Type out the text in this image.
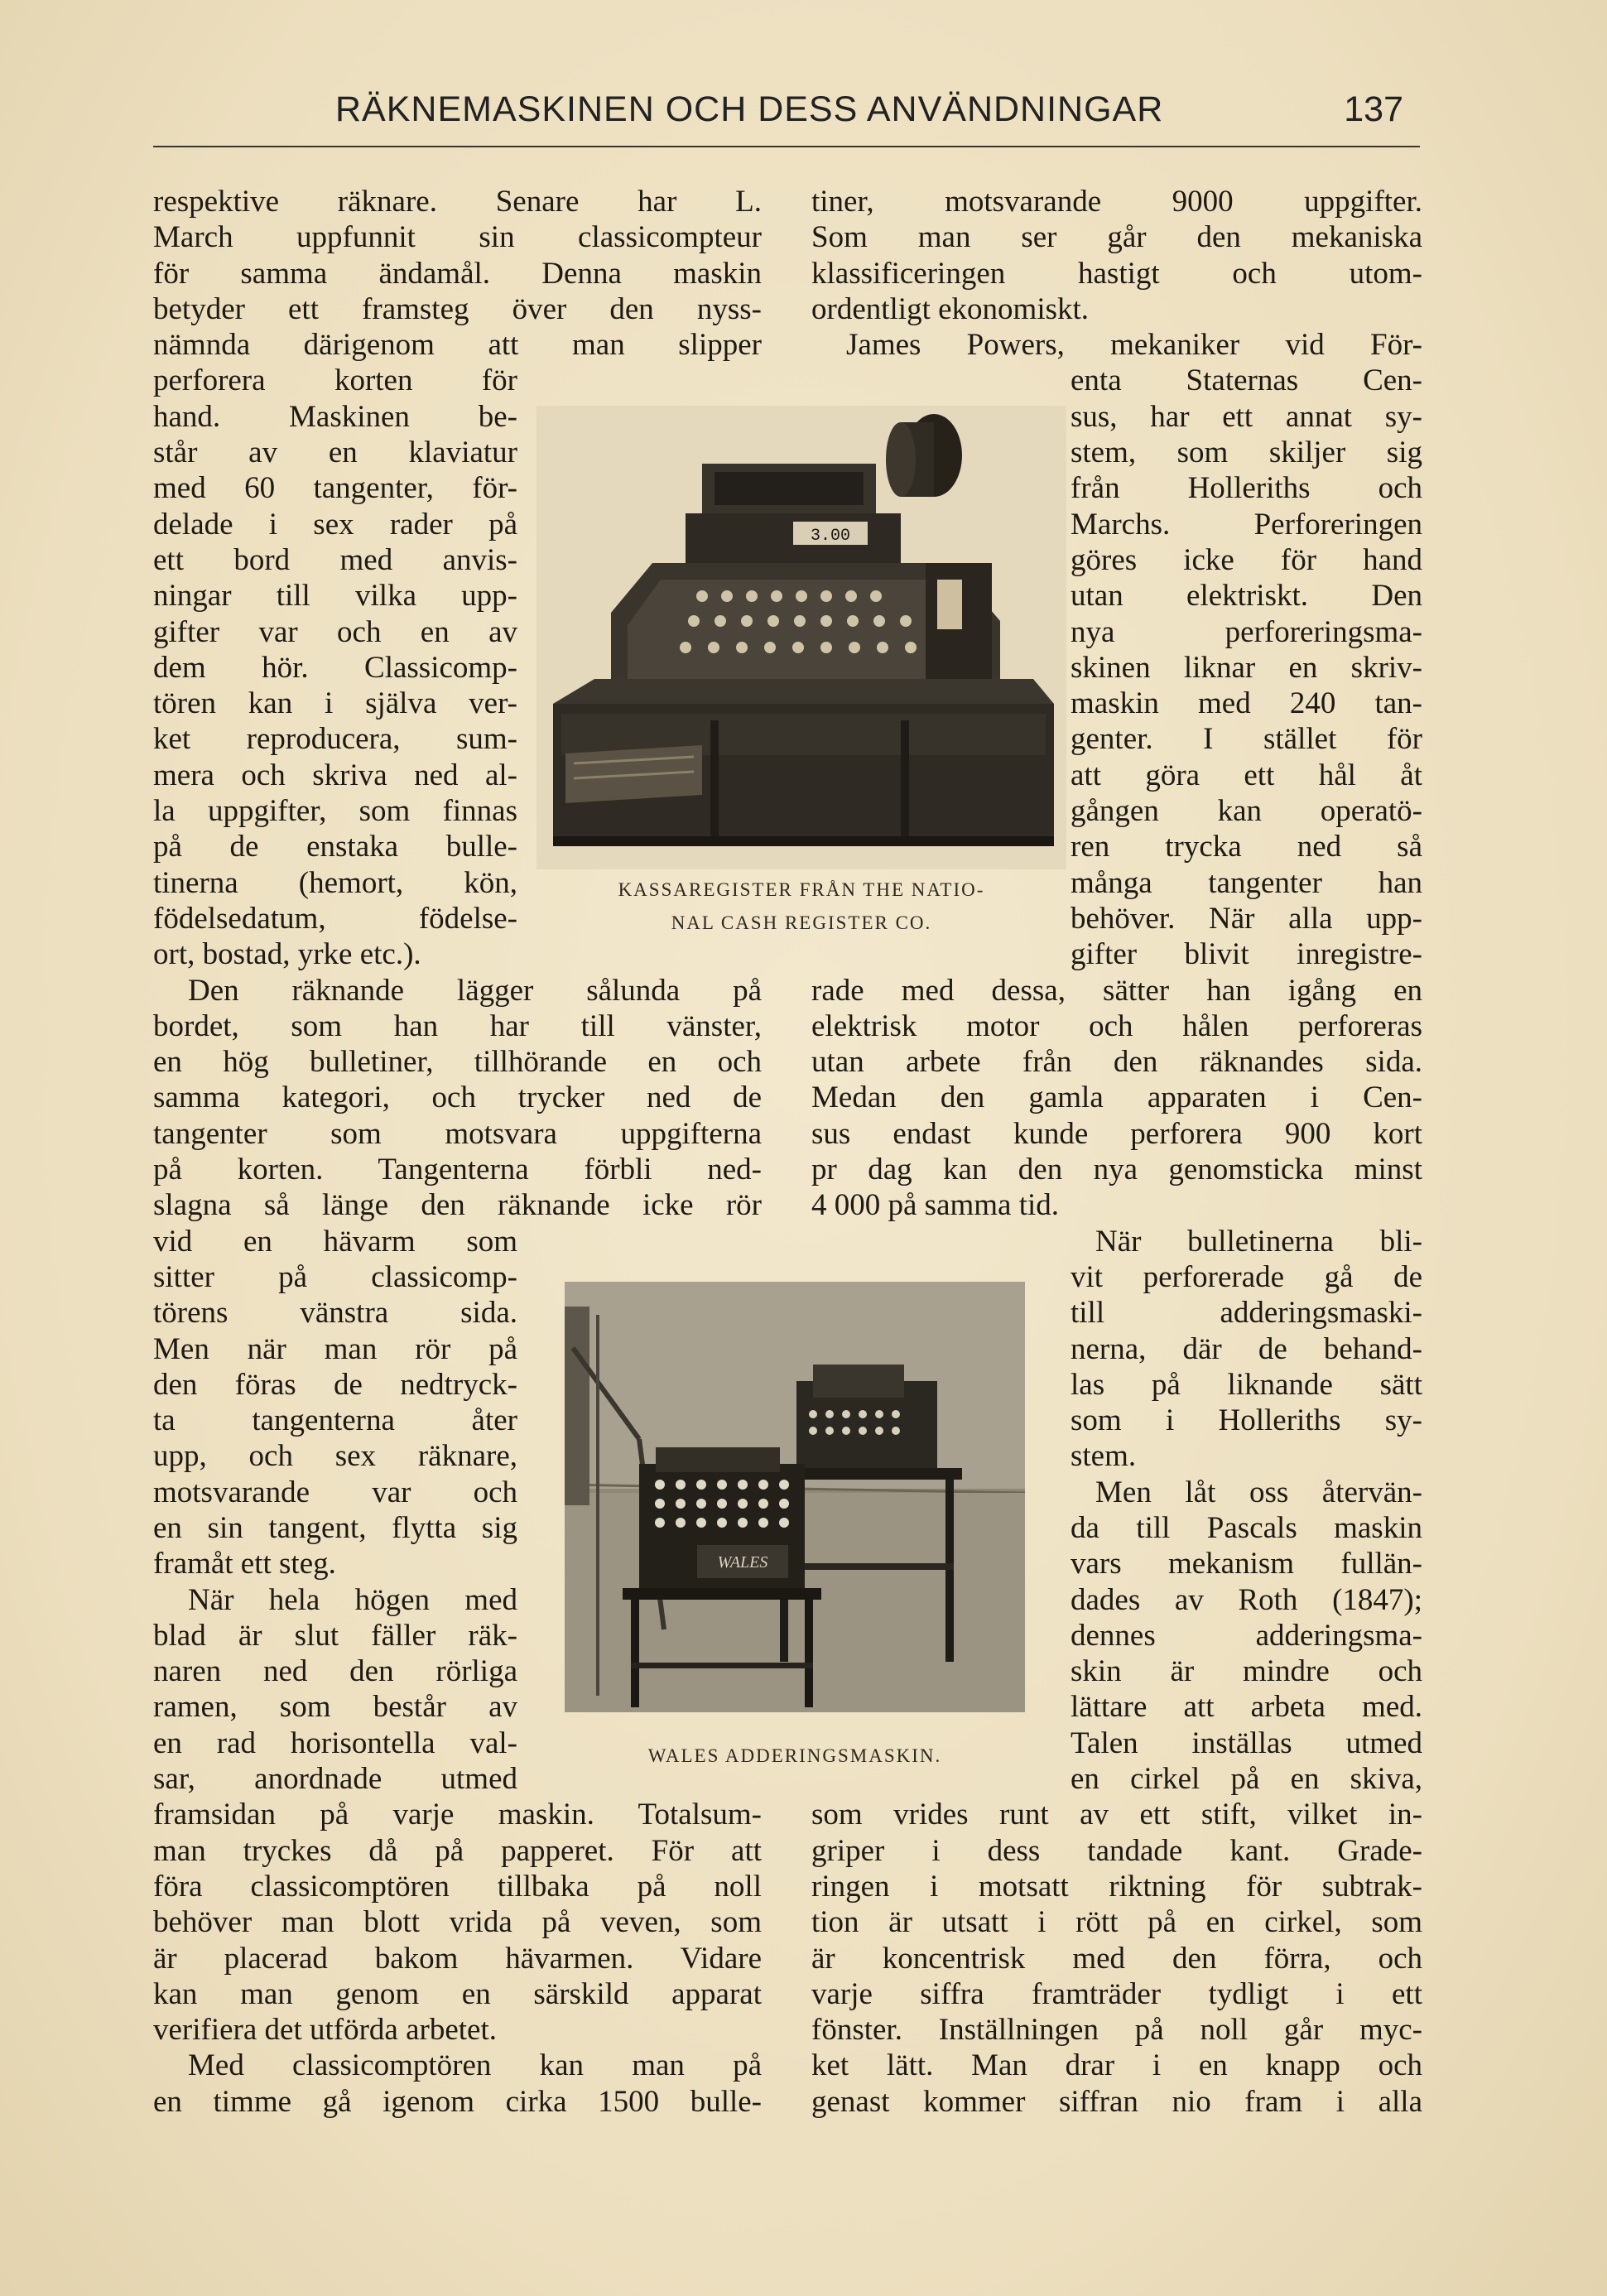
RÄKNEMASKINEN OCH DESS ANVÄNDNINGAR	137

respektive räknare. Senare har L.
March uppfunnit sin classicompteur
för samma ändamål. Denna maskin
betyder ett framsteg över den nyss-
nämnda därigenom att man slipper
perforera korten för
hand. Maskinen be-
står av en klaviatur
med 60 tangenter, för-
delade i sex rader på
ett bord med anvis-
ningar till vilka upp-
gifter var och en av
dem hör. Classicomp-
tören kan i själva ver-
ket reproducera, sum-
mera och skriva ned al-
la uppgifter, som finnas
på de enstaka bulle-
tinerna (hemort, kön,
födelsedatum, födelse-
ort, bostad, yrke etc.).

Den räknande lägger sålunda på
bordet, som han har till vänster,
en hög bulletiner, tillhörande en och
samma kategori, och trycker ned de
tangenter som motsvara uppgifterna
på korten. Tangenterna förbli ned-
slagna så länge den räknande icke rör
vid en hävarm som
sitter på classicomp-
törens vänstra sida.
Men när man rör på
den föras de nedtryck-
ta tangenterna åter
upp, och sex räknare,
motsvarande var och
en sin tangent, flytta sig
framåt ett steg.

När hela högen med
blad är slut fäller räk-
naren ned den rörliga
ramen, som består av
en rad horisontella val-
sar, anordnade utmed
framsidan på varje maskin. Totalsum-
man tryckes då på papperet. För att
föra classicomptören tillbaka på noll
behöver man blott vrida på veven, som
är placerad bakom hävarmen. Vidare
kan man genom en särskild apparat
verifiera det utförda arbetet.

Med classicomptören kan man på
en timme gå igenom cirka 1500 bulle-

tiner, motsvarande 9000 uppgifter.
Som man ser går den mekaniska
klassificeringen hastigt och utom-
ordentligt ekonomiskt.

James Powers, mekaniker vid För-
enta Staternas Cen-
sus, har ett annat sy-
stem, som skiljer sig
från Holleriths och
Marchs. Perforeringen
göres icke för hand
utan elektriskt. Den
nya perforeringsma-
skinen liknar en skriv-
maskin med 240 tan-
genter. I stället för
att göra ett hål åt
gången kan operatö-
ren trycka ned så
många tangenter han
behöver. När alla upp-
gifter blivit inregistre-
rade med dessa, sätter han igång en
elektrisk motor och hålen perforeras
utan arbete från den räknandes sida.
Medan den gamla apparaten i Cen-
sus endast kunde perforera 900 kort
pr dag kan den nya genomsticka minst
4 000 på samma tid.

När bulletinerna bli-
vit perforerade gå de
till adderingsmaski-
nerna, där de behand-
las på liknande sätt
som i Holleriths sy-
stem.

Men låt oss återvän-
da till Pascals maskin
vars mekanism fullän-
dades av Roth (1847);
dennes adderingsma-
skin är mindre och
lättare att arbeta med.
Talen inställas utmed
en cirkel på en skiva,
som vrides runt av ett stift, vilket in-
griper i dess tandade kant. Grade-
ringen i motsatt riktning för subtrak-
tion är utsatt i rött på en cirkel, som
är koncentrisk med den förra, och
varje siffra framträder tydligt i ett
fönster. Inställningen på noll går myc-
ket lätt. Man drar i en knapp och
genast kommer siffran nio fram i alla

3.00
KASSAREGISTER FRÅN THE NATIO-
NAL CASH REGISTER CO.
WALES
WALES ADDERINGSMASKIN.
